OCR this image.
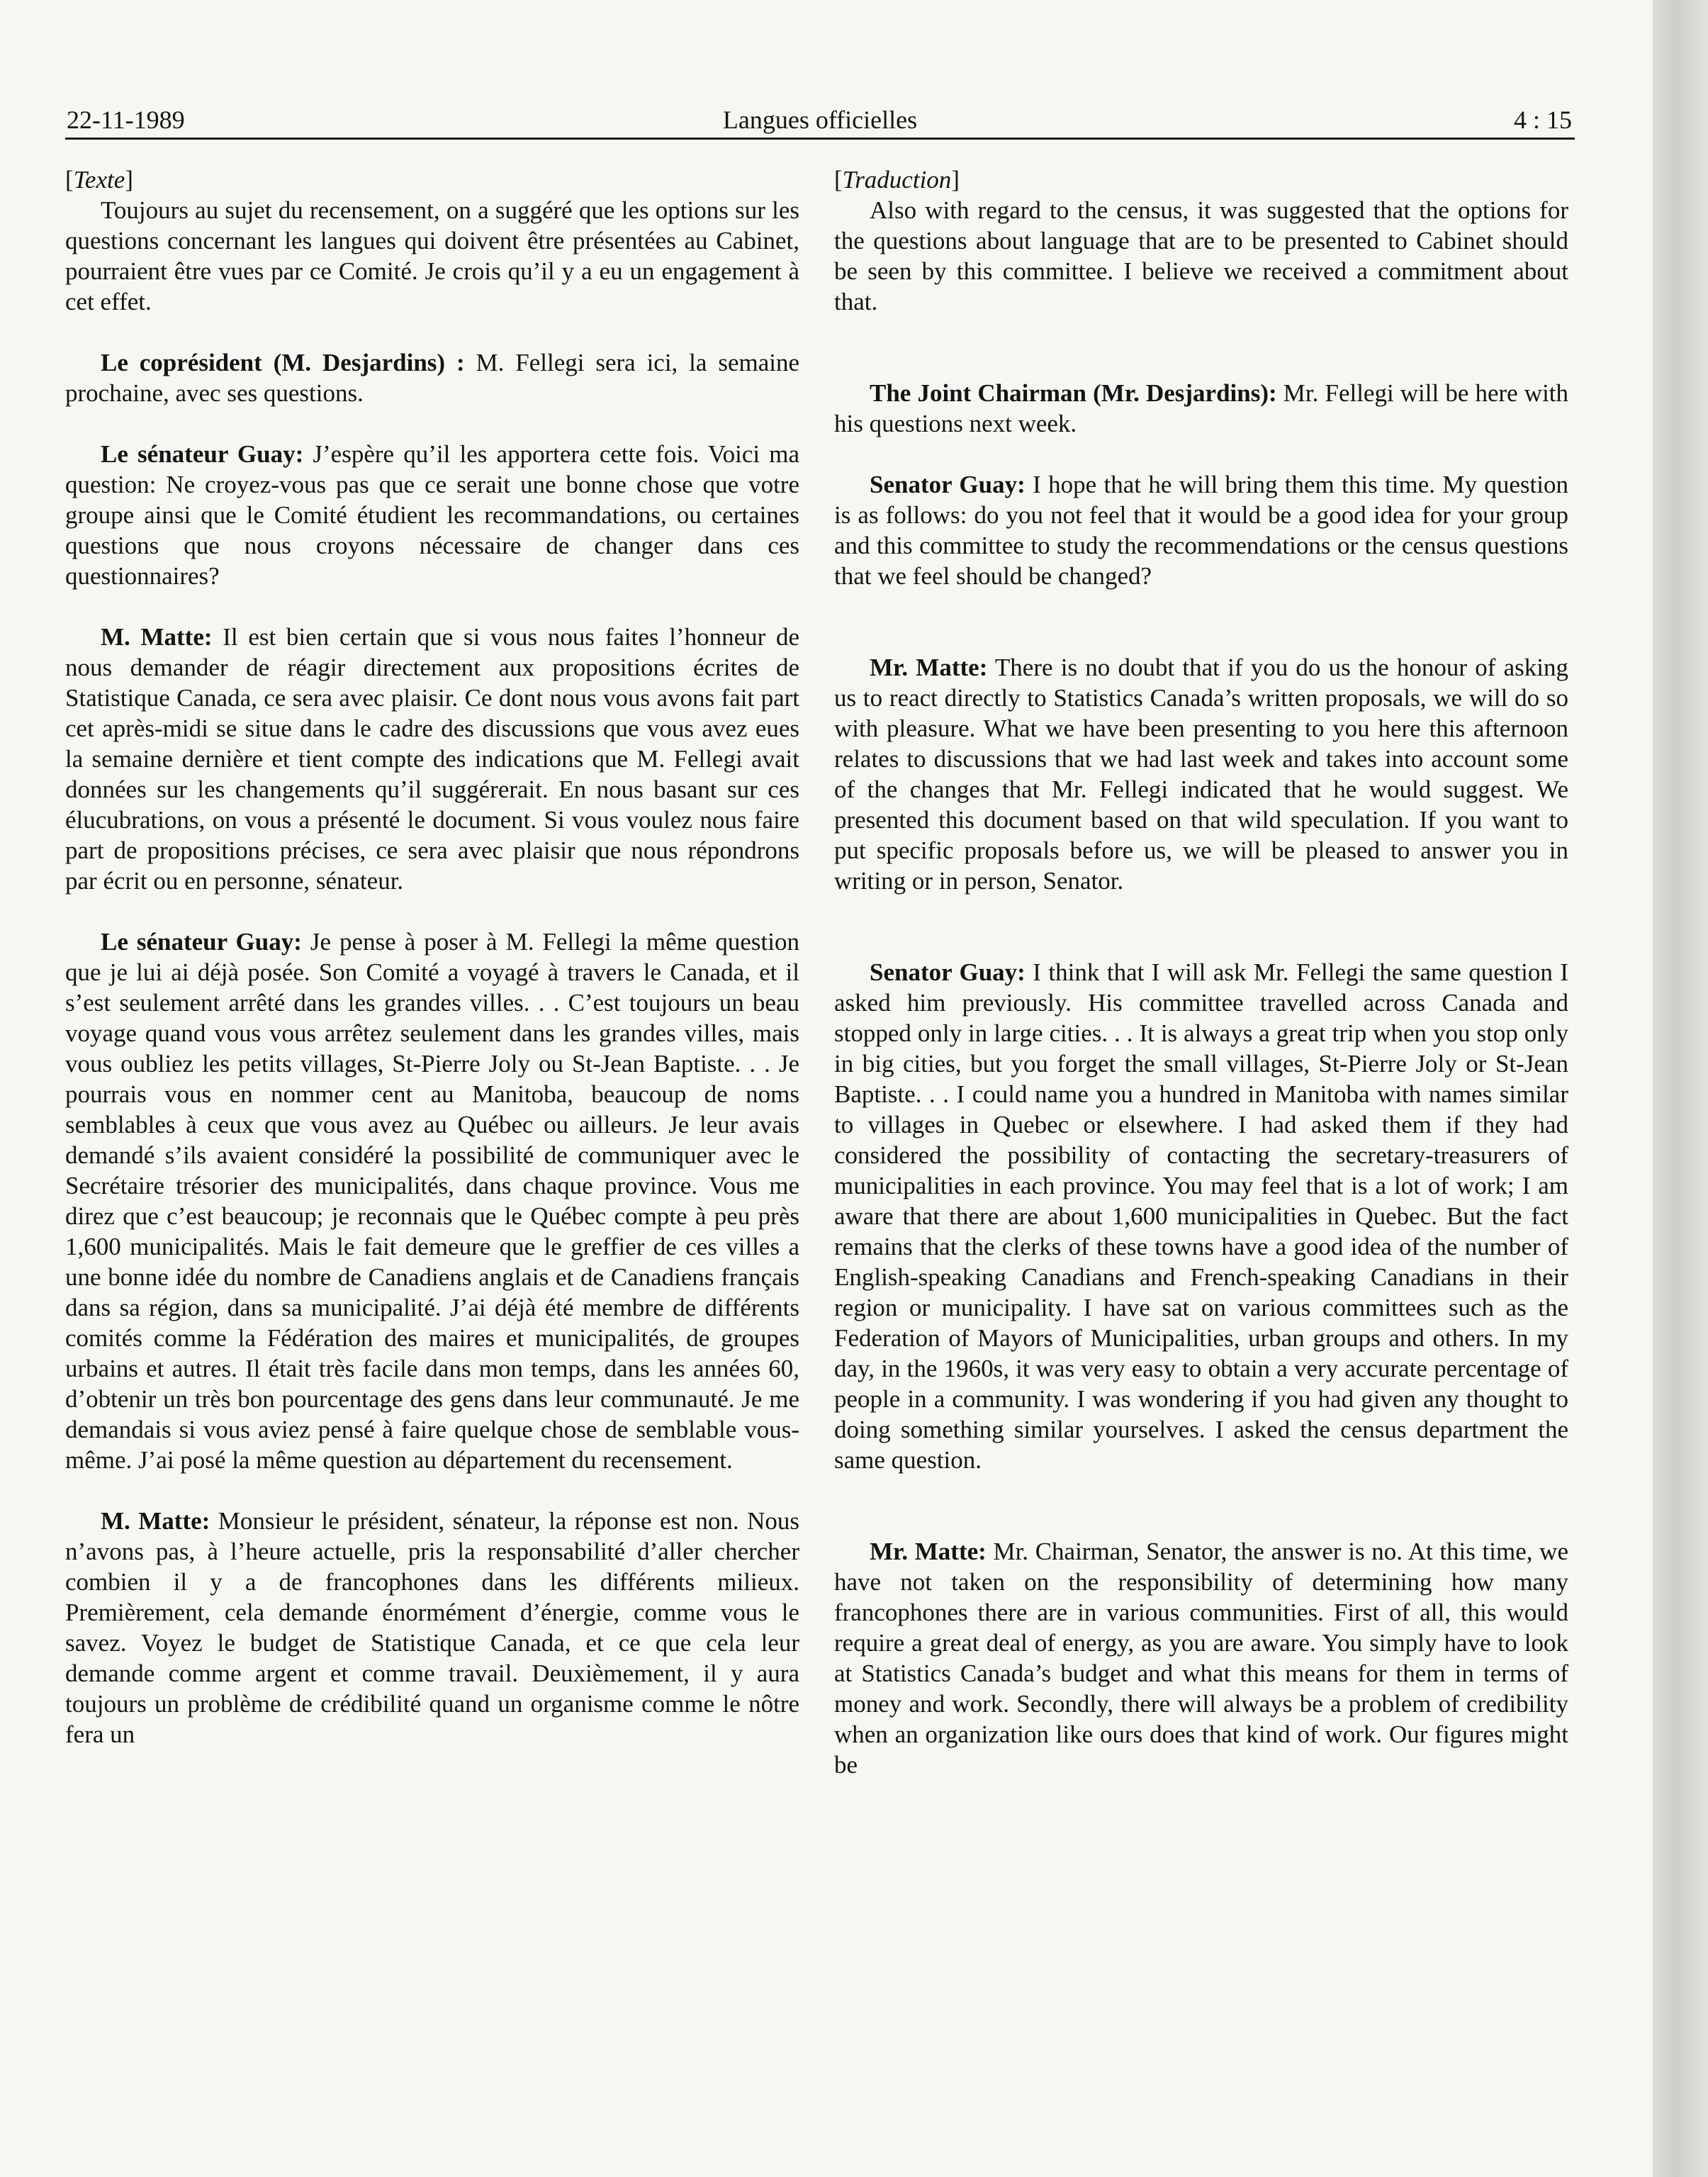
22-11-1989	Langues officielles	4 : 15

[Texte]

Toujours au sujet du recensement, on a suggéré que les options sur les questions concernant les langues qui doivent être présentées au Cabinet, pourraient être vues par ce Comité. Je crois qu’il y a eu un engagement à cet effet.

Le coprésident (M. Desjardins) : M. Fellegi sera ici, la semaine prochaine, avec ses questions.

Le sénateur Guay: J’espère qu’il les apportera cette fois. Voici ma question: Ne croyez-vous pas que ce serait une bonne chose que votre groupe ainsi que le Comité étudient les recommandations, ou certaines questions que nous croyons nécessaire de changer dans ces questionnaires?

M. Matte: Il est bien certain que si vous nous faites l’honneur de nous demander de réagir directement aux propositions écrites de Statistique Canada, ce sera avec plaisir. Ce dont nous vous avons fait part cet après-midi se situe dans le cadre des discussions que vous avez eues la semaine dernière et tient compte des indications que M. Fellegi avait données sur les changements qu’il suggérerait. En nous basant sur ces élucubrations, on vous a présenté le document. Si vous voulez nous faire part de propositions précises, ce sera avec plaisir que nous répondrons par écrit ou en personne, sénateur.

Le sénateur Guay: Je pense à poser à M. Fellegi la même question que je lui ai déjà posée. Son Comité a voyagé à travers le Canada, et il s’est seulement arrêté dans les grandes villes. . . C’est toujours un beau voyage quand vous vous arrêtez seulement dans les grandes villes, mais vous oubliez les petits villages, St-Pierre Joly ou St-Jean Baptiste. . . Je pourrais vous en nommer cent au Manitoba, beaucoup de noms semblables à ceux que vous avez au Québec ou ailleurs. Je leur avais demandé s’ils avaient considéré la possibilité de communiquer avec le Secrétaire trésorier des municipalités, dans chaque province. Vous me direz que c’est beaucoup; je reconnais que le Québec compte à peu près 1,600 municipalités. Mais le fait demeure que le greffier de ces villes a une bonne idée du nombre de Canadiens anglais et de Canadiens français dans sa région, dans sa municipalité. J’ai déjà été membre de différents comités comme la Fédération des maires et municipalités, de groupes urbains et autres. Il était très facile dans mon temps, dans les années 60, d’obtenir un très bon pourcentage des gens dans leur communauté. Je me demandais si vous aviez pensé à faire quelque chose de semblable vous-même. J’ai posé la même question au département du recensement.

M. Matte: Monsieur le président, sénateur, la réponse est non. Nous n’avons pas, à l’heure actuelle, pris la responsabilité d’aller chercher combien il y a de francophones dans les différents milieux. Premièrement, cela demande énormément d’énergie, comme vous le savez. Voyez le budget de Statistique Canada, et ce que cela leur demande comme argent et comme travail. Deuxièmement, il y aura toujours un problème de crédibilité quand un organisme comme le nôtre fera un

[Traduction]

Also with regard to the census, it was suggested that the options for the questions about language that are to be presented to Cabinet should be seen by this committee. I believe we received a commitment about that.

The Joint Chairman (Mr. Desjardins): Mr. Fellegi will be here with his questions next week.

Senator Guay: I hope that he will bring them this time. My question is as follows: do you not feel that it would be a good idea for your group and this committee to study the recommendations or the census questions that we feel should be changed?

Mr. Matte: There is no doubt that if you do us the honour of asking us to react directly to Statistics Canada’s written proposals, we will do so with pleasure. What we have been presenting to you here this afternoon relates to discussions that we had last week and takes into account some of the changes that Mr. Fellegi indicated that he would suggest. We presented this document based on that wild speculation. If you want to put specific proposals before us, we will be pleased to answer you in writing or in person, Senator.

Senator Guay: I think that I will ask Mr. Fellegi the same question I asked him previously. His committee travelled across Canada and stopped only in large cities. . . It is always a great trip when you stop only in big cities, but you forget the small villages, St-Pierre Joly or St-Jean Baptiste. . . I could name you a hundred in Manitoba with names similar to villages in Quebec or elsewhere. I had asked them if they had considered the possibility of contacting the secretary-treasurers of municipalities in each province. You may feel that is a lot of work; I am aware that there are about 1,600 municipalities in Quebec. But the fact remains that the clerks of these towns have a good idea of the number of English-speaking Canadians and French-speaking Canadians in their region or municipality. I have sat on various committees such as the Federation of Mayors of Municipalities, urban groups and others. In my day, in the 1960s, it was very easy to obtain a very accurate percentage of people in a community. I was wondering if you had given any thought to doing something similar yourselves. I asked the census department the same question.

Mr. Matte: Mr. Chairman, Senator, the answer is no. At this time, we have not taken on the responsibility of determining how many francophones there are in various communities. First of all, this would require a great deal of energy, as you are aware. You simply have to look at Statistics Canada’s budget and what this means for them in terms of money and work. Secondly, there will always be a problem of credibility when an organization like ours does that kind of work. Our figures might be
